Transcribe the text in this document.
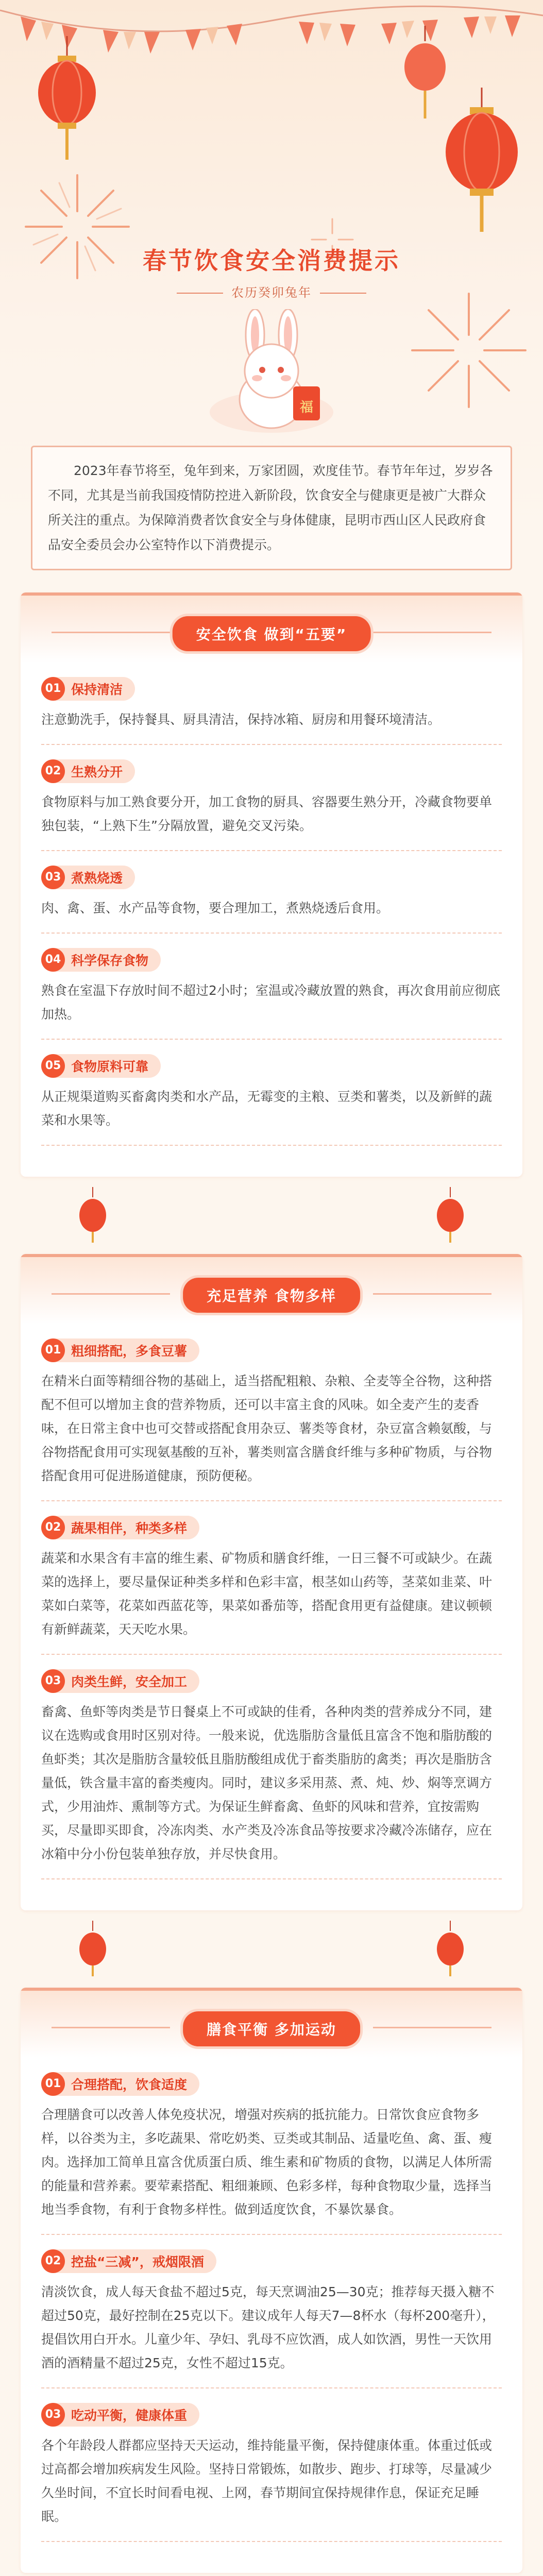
春节饮食安全消费提示
农历癸卯兔年
福
2023年春节将至，兔年到来，万家团圆，欢度佳节。春节年年过，岁岁各不同，尤其是当前我国疫情防控进入新阶段，饮食安全与健康更是被广大群众所关注的重点。为保障消费者饮食安全与身体健康，昆明市西山区人民政府食品安全委员会办公室特作以下消费提示。
安全饮食 做到“五要”
01 保持清洁
注意勤洗手，保持餐具、厨具清洁，保持冰箱、厨房和用餐环境清洁。
02 生熟分开
食物原料与加工熟食要分开，加工食物的厨具、容器要生熟分开，冷藏食物要单独包装，“上熟下生”分隔放置，避免交叉污染。
03 煮熟烧透
肉、禽、蛋、水产品等食物，要合理加工，煮熟烧透后食用。
04 科学保存食物
熟食在室温下存放时间不超过2小时；室温或冷藏放置的熟食，再次食用前应彻底加热。
05 食物原料可靠
从正规渠道购买畜禽肉类和水产品，无霉变的主粮、豆类和薯类，以及新鲜的蔬菜和水果等。
充足营养 食物多样
01 粗细搭配，多食豆薯
在精米白面等精细谷物的基础上，适当搭配粗粮、杂粮、全麦等全谷物，这种搭配不但可以增加主食的营养物质，还可以丰富主食的风味。如全麦产生的麦香味，在日常主食中也可交替或搭配食用杂豆、薯类等食材，杂豆富含赖氨酸，与谷物搭配食用可实现氨基酸的互补，薯类则富含膳食纤维与多种矿物质，与谷物搭配食用可促进肠道健康，预防便秘。
02 蔬果相伴，种类多样
蔬菜和水果含有丰富的维生素、矿物质和膳食纤维，一日三餐不可或缺少。在蔬菜的选择上，要尽量保证种类多样和色彩丰富，根茎如山药等，茎菜如韭菜、叶菜如白菜等，花菜如西蓝花等，果菜如番茄等，搭配食用更有益健康。建议顿顿有新鲜蔬菜，天天吃水果。
03 肉类生鲜，安全加工
畜禽、鱼虾等肉类是节日餐桌上不可或缺的佳肴，各种肉类的营养成分不同，建议在选购或食用时区别对待。一般来说，优选脂肪含量低且富含不饱和脂肪酸的鱼虾类；其次是脂肪含量较低且脂肪酸组成优于畜类脂肪的禽类；再次是脂肪含量低，铁含量丰富的畜类瘦肉。同时，建议多采用蒸、煮、炖、炒、焖等烹调方式，少用油炸、熏制等方式。为保证生鲜畜禽、鱼虾的风味和营养，宜按需购买，尽量即买即食，冷冻肉类、水产类及冷冻食品等按要求冷藏冷冻储存，应在冰箱中分小份包装单独存放，并尽快食用。
膳食平衡 多加运动
01 合理搭配，饮食适度
合理膳食可以改善人体免疫状况，增强对疾病的抵抗能力。日常饮食应食物多样，以谷类为主，多吃蔬果、常吃奶类、豆类或其制品、适量吃鱼、禽、蛋、瘦肉。选择加工简单且富含优质蛋白质、维生素和矿物质的食物，以满足人体所需的能量和营养素。要荤素搭配、粗细兼顾、色彩多样，每种食物取少量，选择当地当季食物，有利于食物多样性。做到适度饮食，不暴饮暴食。
02 控盐“三减”，戒烟限酒
清淡饮食，成人每天食盐不超过5克，每天烹调油25—30克；推荐每天摄入糖不超过50克，最好控制在25克以下。建议成年人每天7—8杯水（每杯200毫升），提倡饮用白开水。儿童少年、孕妇、乳母不应饮酒，成人如饮酒，男性一天饮用酒的酒精量不超过25克，女性不超过15克。
03 吃动平衡，健康体重
各个年龄段人群都应坚持天天运动，维持能量平衡，保持健康体重。体重过低或过高都会增加疾病发生风险。坚持日常锻炼，如散步、跑步、打球等，尽量减少久坐时间，不宜长时间看电视、上网，春节期间宜保持规律作息，保证充足睡眠。
